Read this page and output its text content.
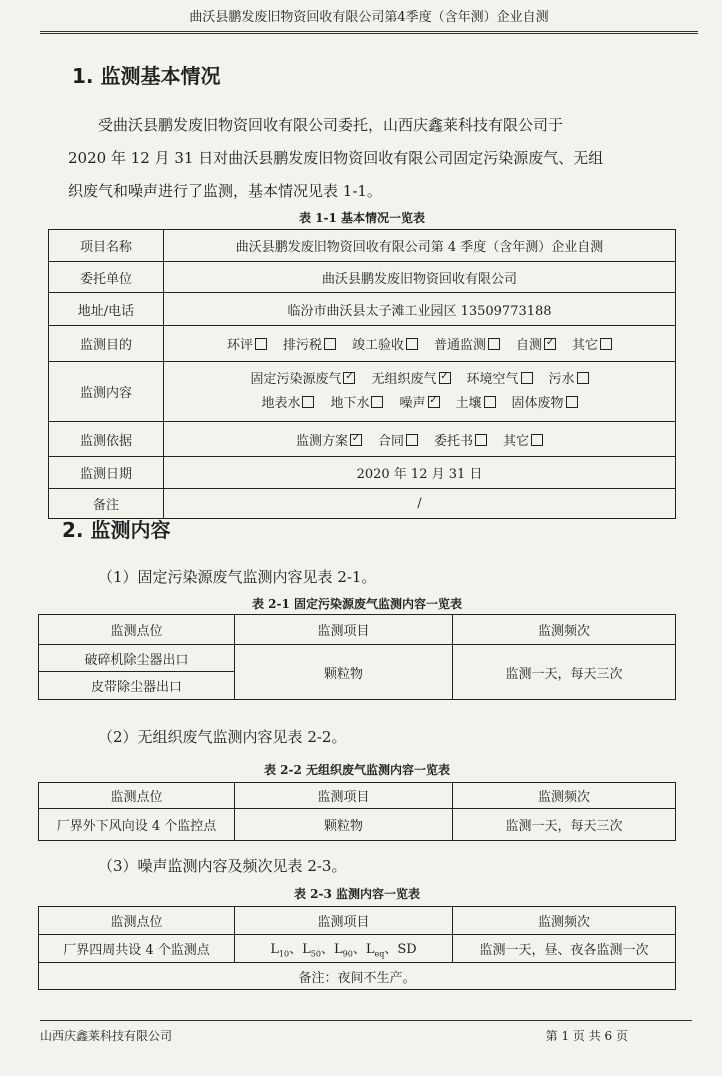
曲沃县鹏发废旧物资回收有限公司第4季度（含年测）企业自测
1. 监测基本情况
受曲沃县鹏发废旧物资回收有限公司委托，山西庆鑫莱科技有限公司于
2020 年 12 月 31 日对曲沃县鹏发废旧物资回收有限公司固定污染源废气、无组
织废气和噪声进行了监测，基本情况见表 1-1。
表 1-1 基本情况一览表
项目名称	曲沃县鹏发废旧物资回收有限公司第 4 季度（含年测）企业自测
委托单位	曲沃县鹏发废旧物资回收有限公司
地址/电话	临汾市曲沃县太子滩工业园区 13509773188
监测目的	环评 排污税 竣工验收 普通监测 自测 ✓ 其它
监测内容	固定污染源废气 ✓ 无组织废气 ✓ 环境空气 污水
地表水 地下水 噪声 ✓ 土壤 固体废物

监测依据	监测方案 ✓ 合同 委托书 其它
监测日期	2020 年 12 月 31 日
备注	/
2. 监测内容

（1）固定污染源废气监测内容见表 2-1。

表 2-1 固定污染源废气监测内容一览表
监测点位	监测项目	监测频次
破碎机除尘器出口	颗粒物	监测一天，每天三次
皮带除尘器出口		

（2）无组织废气监测内容见表 2-2。

表 2-2 无组织废气监测内容一览表
监测点位	监测项目	监测频次
厂界外下风向设 4 个监控点	颗粒物	监测一天，每天三次

（3）噪声监测内容及频次见表 2-3。

表 2-3 监测内容一览表
监测点位	监测项目	监测频次
厂界四周共设 4 个监测点	$L_{10}$、$L_{50}$、$L_{90}$、$L_{eq}$、SD	监测一天，昼、夜各监测一次
备注：夜间不生产。		
山西庆鑫莱科技有限公司	第 1 页 共 6 页
